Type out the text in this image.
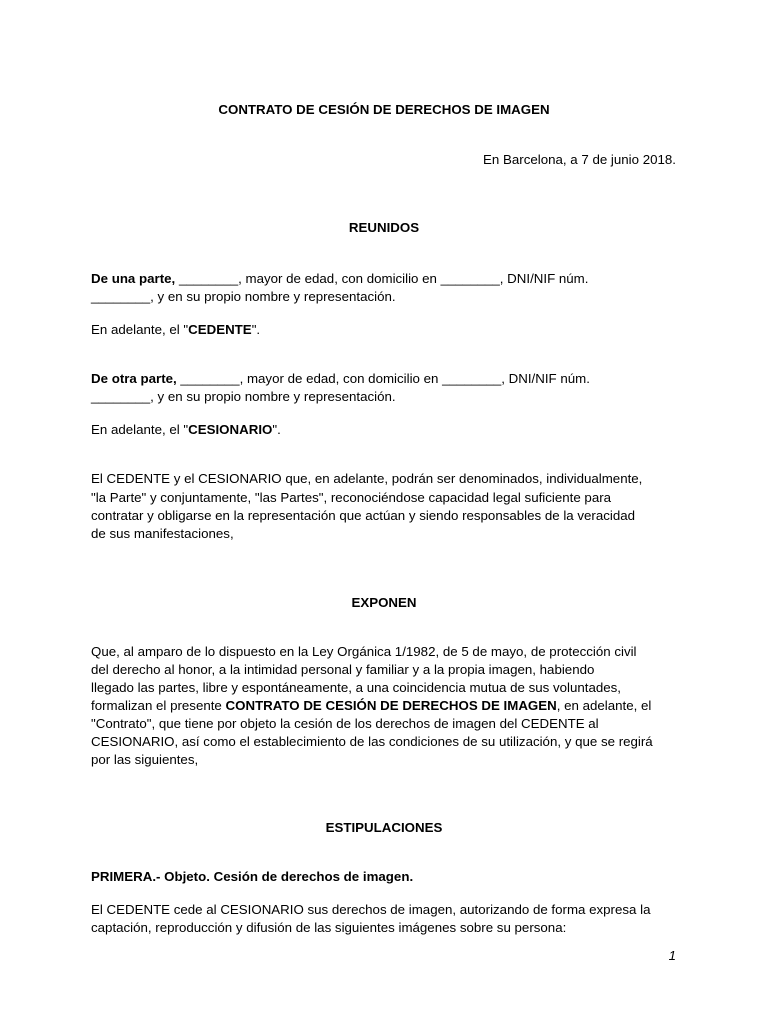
CONTRATO DE CESIÓN DE DERECHOS DE IMAGEN
En Barcelona, a 7 de junio 2018.
REUNIDOS
De una parte, ________, mayor de edad, con domicilio en ________, DNI/NIF núm.
________, y en su propio nombre y representación.
En adelante, el "CEDENTE".
De otra parte, ________, mayor de edad, con domicilio en ________, DNI/NIF núm.
________, y en su propio nombre y representación.
En adelante, el "CESIONARIO".
El CEDENTE y el CESIONARIO que, en adelante, podrán ser denominados, individualmente,
"la Parte" y conjuntamente, "las Partes", reconociéndose capacidad legal suficiente para
contratar y obligarse en la representación que actúan y siendo responsables de la veracidad
de sus manifestaciones,
EXPONEN
Que, al amparo de lo dispuesto en la Ley Orgánica 1/1982, de 5 de mayo, de protección civil
del derecho al honor, a la intimidad personal y familiar y a la propia imagen, habiendo
llegado las partes, libre y espontáneamente, a una coincidencia mutua de sus voluntades,
formalizan el presente CONTRATO DE CESIÓN DE DERECHOS DE IMAGEN, en adelante, el
"Contrato", que tiene por objeto la cesión de los derechos de imagen del CEDENTE al
CESIONARIO, así como el establecimiento de las condiciones de su utilización, y que se regirá
por las siguientes,
ESTIPULACIONES
PRIMERA.- Objeto. Cesión de derechos de imagen.
El CEDENTE cede al CESIONARIO sus derechos de imagen, autorizando de forma expresa la
captación, reproducción y difusión de las siguientes imágenes sobre su persona:
1
